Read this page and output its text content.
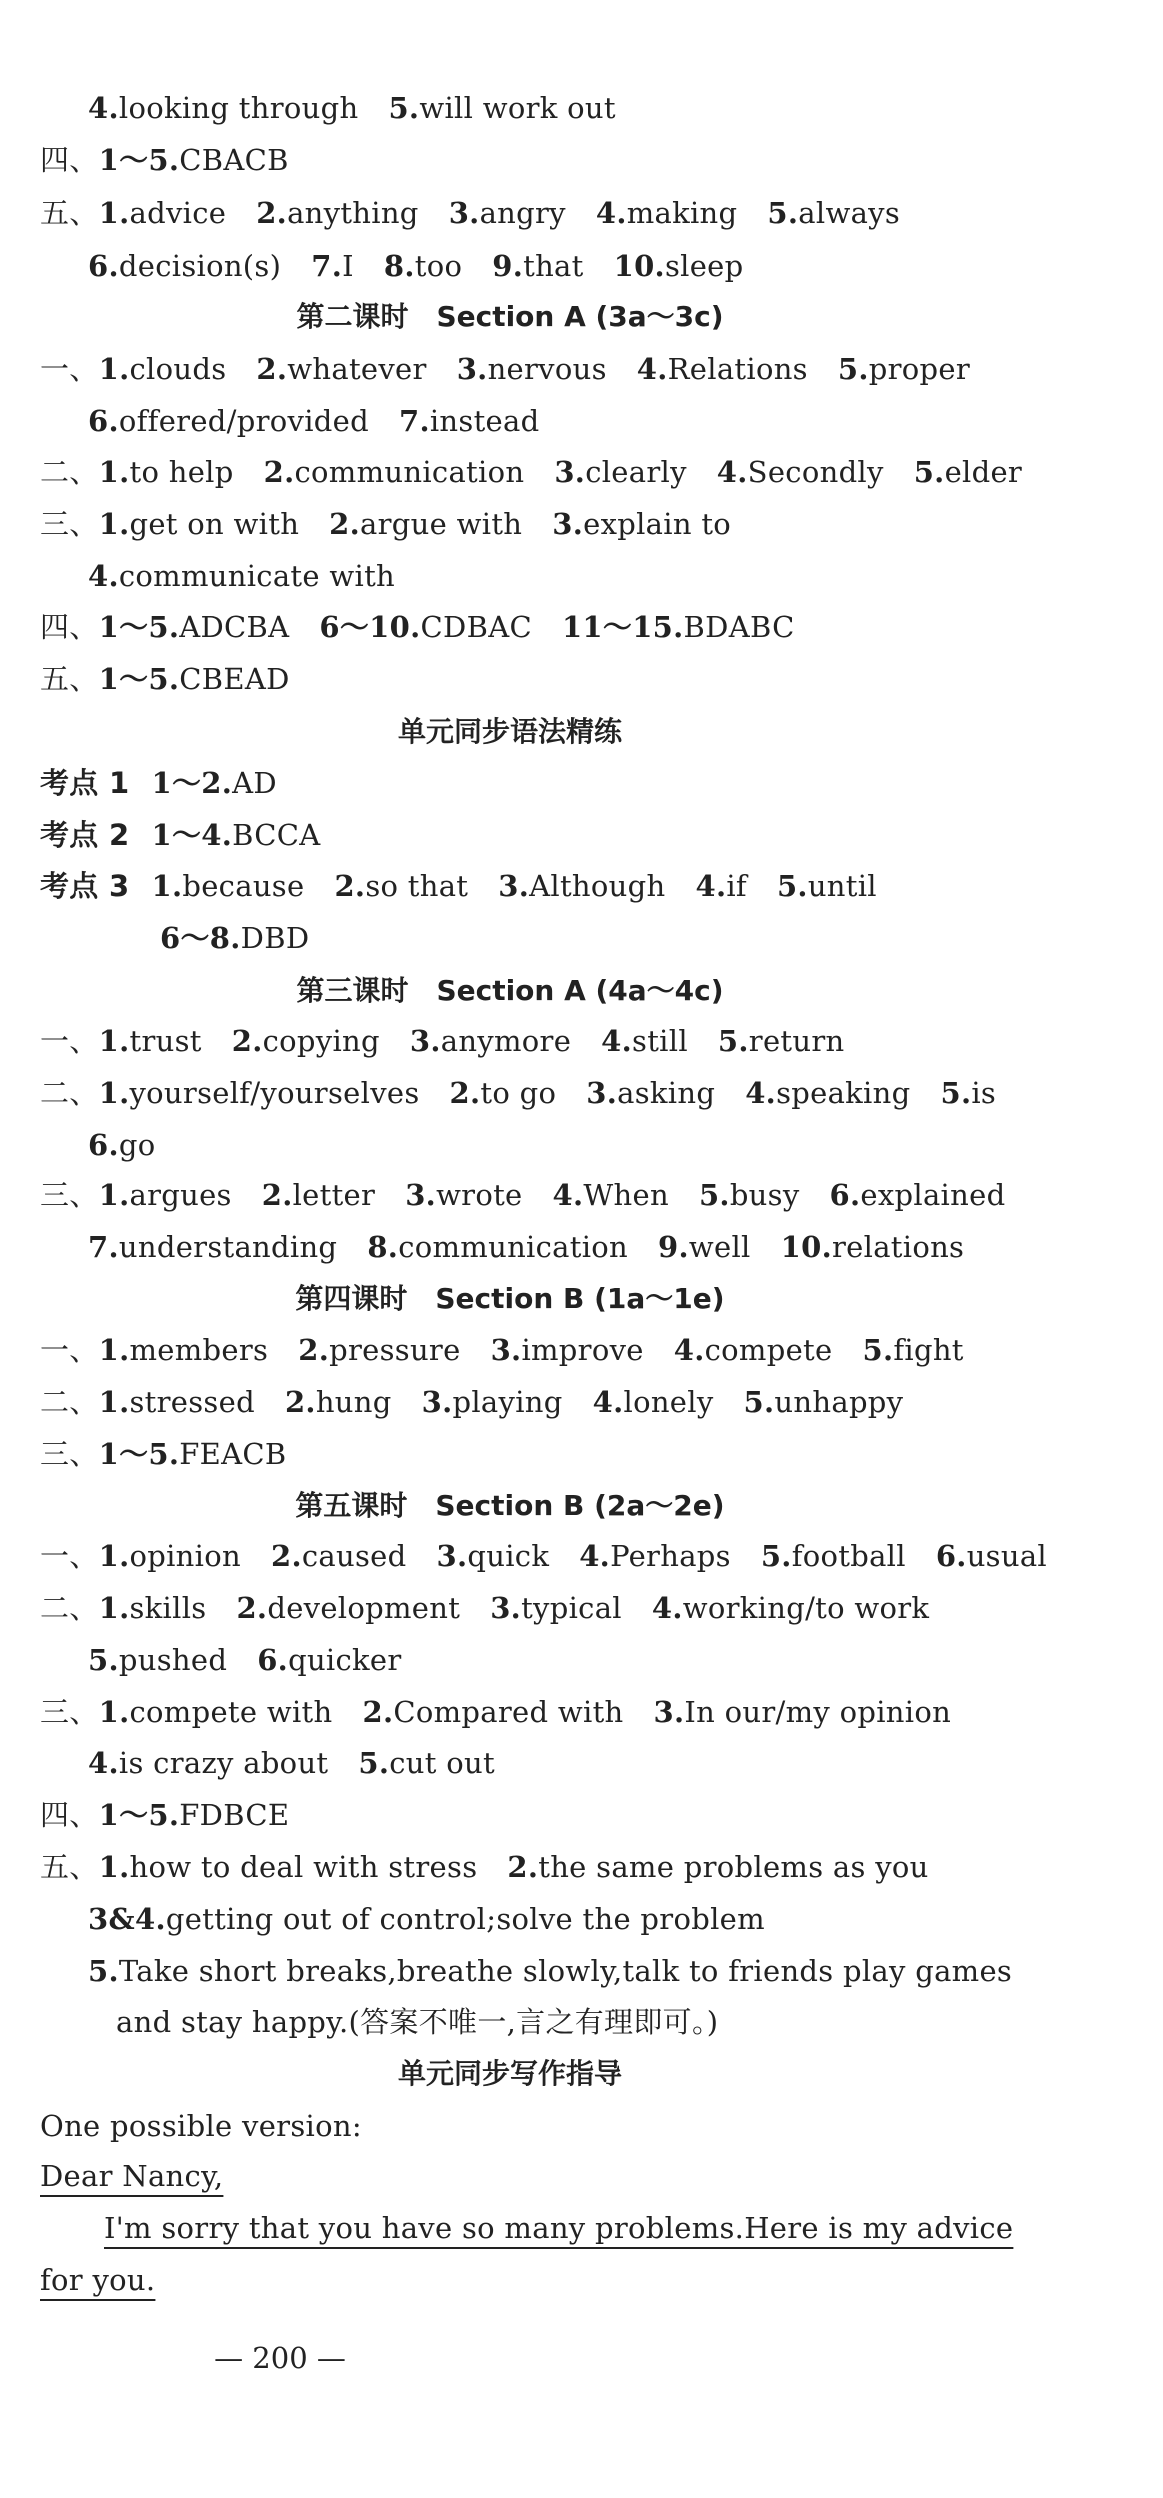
4.looking through 5.will work out
四、1～5.CBACB
五、1.advice 2.anything 3.angry 4.making 5.always
6.decision(s) 7.I 8.too 9.that 10.sleep
第二课时　Section A (3a～3c)
一、1.clouds 2.whatever 3.nervous 4.Relations 5.proper
6.offered/provided 7.instead
二、1.to help 2.communication 3.clearly 4.Secondly 5.elder
三、1.get on with 2.argue with 3.explain to
4.communicate with
四、1～5.ADCBA 6～10.CDBAC 11～15.BDABC
五、1～5.CBEAD
单元同步语法精练
考点 1 1～2.AD
考点 2 1～4.BCCA
考点 3 1.because 2.so that 3.Although 4.if 5.until
6～8.DBD
第三课时　Section A (4a～4c)
一、1.trust 2.copying 3.anymore 4.still 5.return
二、1.yourself/yourselves 2.to go 3.asking 4.speaking 5.is
6.go
三、1.argues 2.letter 3.wrote 4.When 5.busy 6.explained
7.understanding 8.communication 9.well 10.relations
第四课时　Section B (1a～1e)
一、1.members 2.pressure 3.improve 4.compete 5.fight
二、1.stressed 2.hung 3.playing 4.lonely 5.unhappy
三、1～5.FEACB
第五课时　Section B (2a～2e)
一、1.opinion 2.caused 3.quick 4.Perhaps 5.football 6.usual
二、1.skills 2.development 3.typical 4.working/to work
5.pushed 6.quicker
三、1.compete with 2.Compared with 3.In our/my opinion
4.is crazy about 5.cut out
四、1～5.FDBCE
五、1.how to deal with stress 2.the same problems as you
3&4.getting out of control;solve the problem
5.Take short breaks,breathe slowly,talk to friends play games
and stay happy.(答案不唯一,言之有理即可。)
单元同步写作指导
One possible version:
Dear Nancy,
I'm sorry that you have so many problems.Here is my advice
for you.
— 200 —
